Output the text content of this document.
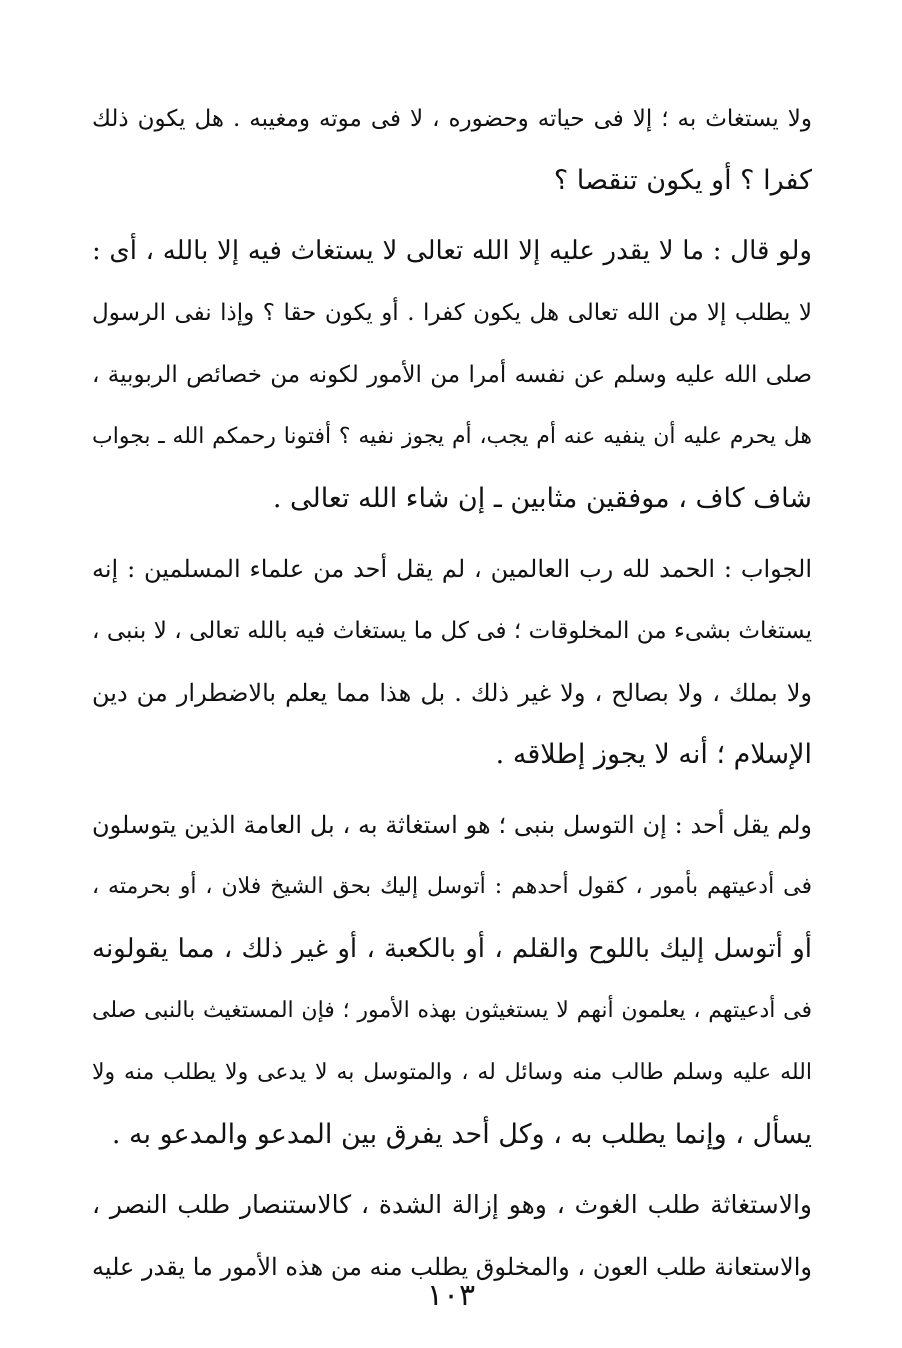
ولا يستغاث به ؛ إلا فى حياته وحضوره ، لا فى موته ومغيبه . هل يكون ذلك
كفرا ؟ أو يكون تنقصا ؟
ولو قال : ما لا يقدر عليه إلا الله تعالى لا يستغاث فيه إلا بالله ، أى :
لا يطلب إلا من الله تعالى هل يكون كفرا . أو يكون حقا ؟ وإذا نفى الرسول
صلى الله عليه وسلم عن نفسه أمرا من الأمور لكونه من خصائص الربوبية ،
هل يحرم عليه أن ينفيه عنه أم يجب، أم يجوز نفيه ؟ أفتونا رحمكم الله ـ بجواب
شاف كاف ، موفقين مثابين ـ إن شاء الله تعالى .
الجواب : الحمد لله رب العالمين ، لم يقل أحد من علماء المسلمين : إنه
يستغاث بشىء من المخلوقات ؛ فى كل ما يستغاث فيه بالله تعالى ، لا بنبى ،
ولا بملك ، ولا بصالح ، ولا غير ذلك . بل هذا مما يعلم بالاضطرار من دين
الإسلام ؛ أنه لا يجوز إطلاقه .
ولم يقل أحد : إن التوسل بنبى ؛ هو استغاثة به ، بل العامة الذين يتوسلون
فى أدعيتهم بأمور ، كقول أحدهم : أتوسل إليك بحق الشيخ فلان ، أو بحرمته ،
أو أتوسل إليك باللوح والقلم ، أو بالكعبة ، أو غير ذلك ، مما يقولونه
فى أدعيتهم ، يعلمون أنهم لا يستغيثون بهذه الأمور ؛ فإن المستغيث بالنبى صلى
الله عليه وسلم طالب منه وسائل له ، والمتوسل به لا يدعى ولا يطلب منه ولا
يسأل ، وإنما يطلب به ، وكل أحد يفرق بين المدعو والمدعو به .
والاستغاثة طلب الغوث ، وهو إزالة الشدة ، كالاستنصار طلب النصر ،
والاستعانة طلب العون ، والمخلوق يطلب منه من هذه الأمور ما يقدر عليه
١٠٣
